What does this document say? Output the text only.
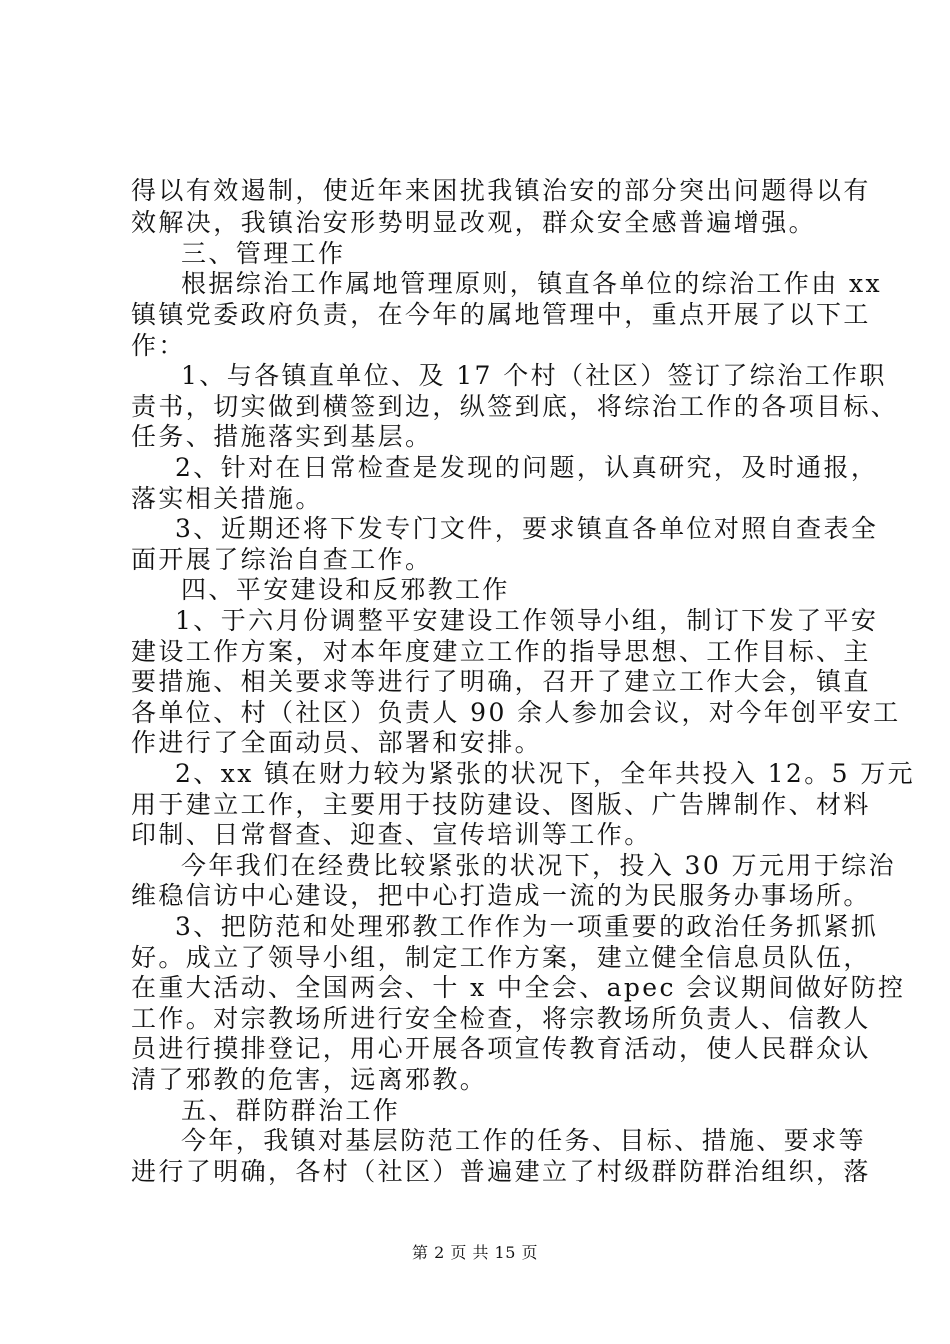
得以有效遏制，使近年来困扰我镇治安的部分突出问题得以有
效解决，我镇治安形势明显改观，群众安全感普遍增强。
三、管理工作
根据综治工作属地管理原则，镇直各单位的综治工作由 xx
镇镇党委政府负责，在今年的属地管理中，重点开展了以下工
作：
1、与各镇直单位、及 17 个村（社区）签订了综治工作职
责书，切实做到横签到边，纵签到底，将综治工作的各项目标、
任务、措施落实到基层。
2、针对在日常检查是发现的问题，认真研究，及时通报，
落实相关措施。
3、近期还将下发专门文件，要求镇直各单位对照自查表全
面开展了综治自查工作。
四、平安建设和反邪教工作
1、于六月份调整平安建设工作领导小组，制订下发了平安
建设工作方案，对本年度建立工作的指导思想、工作目标、主
要措施、相关要求等进行了明确，召开了建立工作大会，镇直
各单位、村（社区）负责人 90 余人参加会议，对今年创平安工
作进行了全面动员、部署和安排。
2、xx 镇在财力较为紧张的状况下，全年共投入 12。5 万元
用于建立工作，主要用于技防建设、图版、广告牌制作、材料
印制、日常督查、迎查、宣传培训等工作。
今年我们在经费比较紧张的状况下，投入 30 万元用于综治
维稳信访中心建设，把中心打造成一流的为民服务办事场所。
3、把防范和处理邪教工作作为一项重要的政治任务抓紧抓
好。成立了领导小组，制定工作方案，建立健全信息员队伍，
在重大活动、全国两会、十 x 中全会、apec 会议期间做好防控
工作。对宗教场所进行安全检查，将宗教场所负责人、信教人
员进行摸排登记，用心开展各项宣传教育活动，使人民群众认
清了邪教的危害，远离邪教。
五、群防群治工作
今年，我镇对基层防范工作的任务、目标、措施、要求等
进行了明确，各村（社区）普遍建立了村级群防群治组织，落
第 2 页 共 15 页
